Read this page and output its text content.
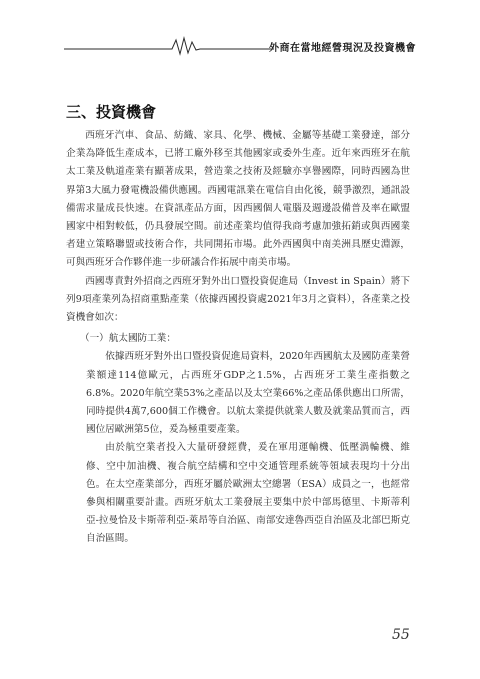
外商在當地經營現況及投資機會
三、投資機會

西班牙汽車、食品、紡織、家具、化學、機械、金屬等基礎工業發達，部分企業為降低生產成本，已將工廠外移至其他國家或委外生產。近年來西班牙在航太工業及軌道產業有顯著成果，營造業之技術及經驗亦享譽國際，同時西國為世界第3大風力發電機設備供應國。西國電訊業在電信自由化後，競爭激烈，通訊設備需求量成長快速。在資訊產品方面，因西國個人電腦及週邊設備普及率在歐盟國家中相對較低，仍具發展空間。前述產業均值得我商考慮加強拓銷或與西國業者建立策略聯盟或技術合作，共同開拓市場。此外西國與中南美洲具歷史淵源，可與西班牙合作夥伴進一步研議合作拓展中南美市場。

西國專責對外招商之西班牙對外出口暨投資促進局（Invest in Spain）將下列9項產業列為招商重點產業（依據西國投資處2021年3月之資料），各產業之投資機會如次：

（一）航太國防工業：

依據西班牙對外出口暨投資促進局資料，2020年西國航太及國防產業營業額達114億歐元，占西班牙GDP之1.5%，占西班牙工業生產指數之6.8%。2020年航空業53%之產品以及太空業66%之產品係供應出口所需，同時提供4萬7,600個工作機會。以航太業提供就業人數及就業品質而言，西國位居歐洲第5位，爰為極重要產業。

由於航空業者投入大量研發經費，爰在軍用運輸機、低壓渦輪機、維修、空中加油機、複合航空結構和空中交通管理系統等領域表現均十分出色。在太空產業部分，西班牙屬於歐洲太空總署（ESA）成員之一，也經常參與相關重要計畫。西班牙航太工業發展主要集中於中部馬德里、卡斯蒂利亞-拉曼恰及卡斯蒂利亞-萊昂等自治區、南部安達魯西亞自治區及北部巴斯克自治區間。

55
